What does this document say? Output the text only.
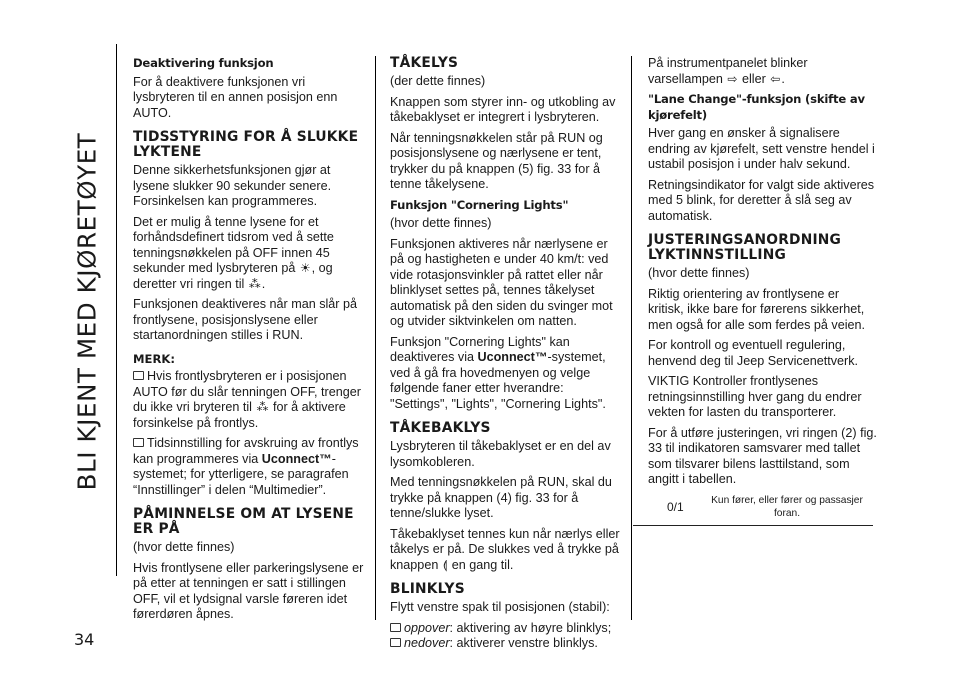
BLI KJENT MED KJØRETØYET
34

Deaktivering funksjon

For å deaktivere funksjonen vri lysbryteren til en annen posisjon enn AUTO.

TIDSSTYRING FOR Å SLUKKE LYKTENE

Denne sikkerhetsfunksjonen gjør at lysene slukker 90 sekunder senere. Forsinkelsen kan programmeres.

Det er mulig å tenne lysene for et forhåndsdefinert tidsrom ved å sette tenningsnøkkelen på OFF innen 45 sekunder med lysbryteren på ☀, og deretter vri ringen til ⁂.

Funksjonen deaktiveres når man slår på frontlysene, posisjonslysene eller startanordningen stilles i RUN.

MERK:

Hvis frontlysbryteren er i posisjonen AUTO før du slår tenningen OFF, trenger du ikke vri bryteren til ⁂ for å aktivere forsinkelse på frontlys.

Tidsinnstilling for avskruing av frontlys kan programmeres via Uconnect™-systemet; for ytterligere, se paragrafen “Innstillinger” i delen “Multimedier”.

PÅMINNELSE OM AT LYSENE ER PÅ

(hvor dette finnes)

Hvis frontlysene eller parkeringslysene er på etter at tenningen er satt i stillingen OFF, vil et lydsignal varsle føreren idet førerdøren åpnes.

TÅKELYS

(der dette finnes)

Knappen som styrer inn- og utkobling av tåkebaklyset er integrert i lysbryteren.

Når tenningsnøkkelen står på RUN og posisjonslysene og nærlysene er tent, trykker du på knappen (5) fig. 33 for å tenne tåkelysene.

Funksjon "Cornering Lights"

(hvor dette finnes)

Funksjonen aktiveres når nærlysene er på og hastigheten e under 40 km/t: ved vide rotasjonsvinkler på rattet eller når blinklyset settes på, tennes tåkelyset automatisk på den siden du svinger mot og utvider siktvinkelen om natten.

Funksjon "Cornering Lights" kan deaktiveres via Uconnect™-systemet, ved å gå fra hovedmenyen og velge følgende faner etter hverandre: "Settings", "Lights", "Cornering Lights".

TÅKEBAKLYS

Lysbryteren til tåkebaklyset er en del av lysomkobleren.

Med tenningsnøkkelen på RUN, skal du trykke på knappen (4) fig. 33 for å tenne/slukke lyset.

Tåkebaklyset tennes kun når nærlys eller tåkelys er på. De slukkes ved å trykke på knappen ⟬ en gang til.

BLINKLYS

Flytt venstre spak til posisjonen (stabil):

oppover: aktivering av høyre blinklys;

nedover: aktiverer venstre blinklys.

På instrumentpanelet blinker varsellampen ⇨ eller ⇦.

"Lane Change"-funksjon (skifte av kjørefelt)

Hver gang en ønsker å signalisere endring av kjørefelt, sett venstre hendel i ustabil posisjon i under halv sekund.

Retningsindikator for valgt side aktiveres med 5 blink, for deretter å slå seg av automatisk.

JUSTERINGSANORDNING LYKTINNSTILLING

(hvor dette finnes)

Riktig orientering av frontlysene er kritisk, ikke bare for førerens sikkerhet, men også for alle som ferdes på veien.

For kontroll og eventuell regulering, henvend deg til Jeep Servicenettverk.

VIKTIG Kontroller frontlysenes retningsinnstilling hver gang du endrer vekten for lasten du transporterer.

For å utføre justeringen, vri ringen (2) fig. 33 til indikatoren samsvarer med tallet som tilsvarer bilens lasttilstand, som angitt i tabellen.

0/1	Kun fører, eller fører og passasjer foran.
